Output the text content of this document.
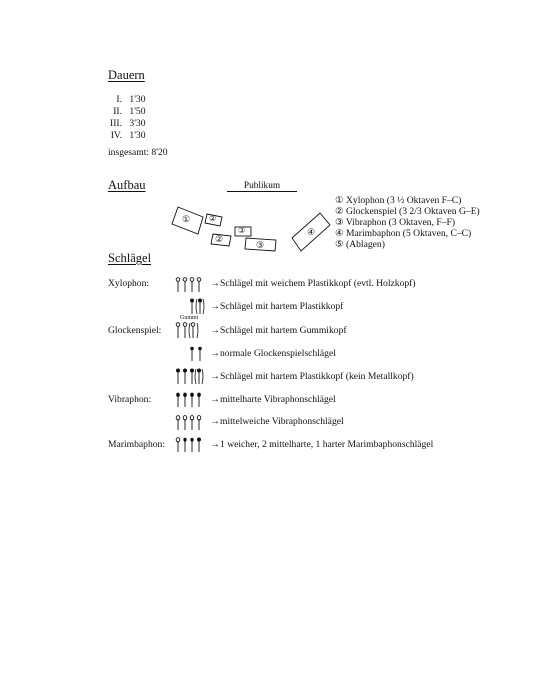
Dauern
I. 1'30
II. 1'50
III. 3'30
IV. 1'30
insgesamt: 8'20
Aufbau	Publikum
① ②
②
③
③
④
① Xylophon (3 ½ Oktaven F–C)
② Glockenspiel (3 2/3 Oktaven G–E)
③ Vibraphon (3 Oktaven, F–F)
④ Marimbaphon (5 Oktaven, C–C)
⑤ (Ablagen)
Schlägel
Xylophon:	→Schlägel mit weichem Plastikkopf (evtl. Holzkopf)
→Schlägel mit hartem Plastikkopf
Gummi
Glockenspiel:	→Schlägel mit hartem Gummikopf
→normale Glockenspielschlägel
→Schlägel mit hartem Plastikkopf (kein Metallkopf)
Vibraphon:	→mittelharte Vibraphonschlägel
→mittelweiche Vibraphonschlägel
Marimbaphon:	→1 weicher, 2 mittelharte, 1 harter Marimbaphonschlägel
